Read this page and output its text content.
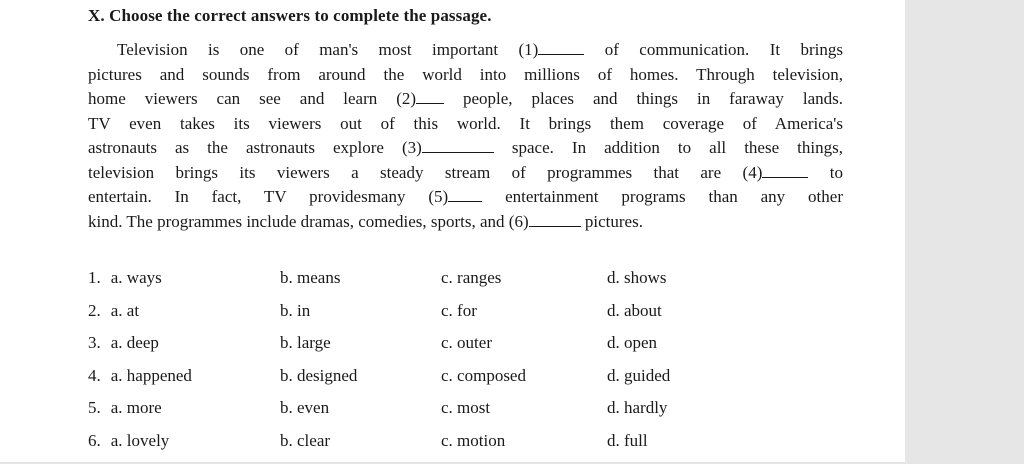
X. Choose the correct answers to complete the passage.
Television is one of man's most important (1)	of communication. It brings
pictures and sounds from around the world into millions of homes. Through television,
home viewers can see and learn (2) people, places and things in faraway lands.
TV even takes its viewers out of this world. It brings them coverage of America's
astronauts as the astronauts explore (3)	space. In addition to all these things,
television brings its viewers a steady stream of programmes that are (4)	to
entertain. In fact, TV providesmany (5) entertainment programs than any other
kind. The programmes include dramas, comedies, sports, and (6)	pictures.
1. a. ways	b. means	c. ranges	d. shows
2. a. at	b. in	c. for	d. about
3. a. deep	b. large	c. outer	d. open
4. a. happened	b. designed	c. composed	d. guided
5. a. more	b. even	c. most	d. hardly
6. a. lovely	b. clear	c. motion	d. full
